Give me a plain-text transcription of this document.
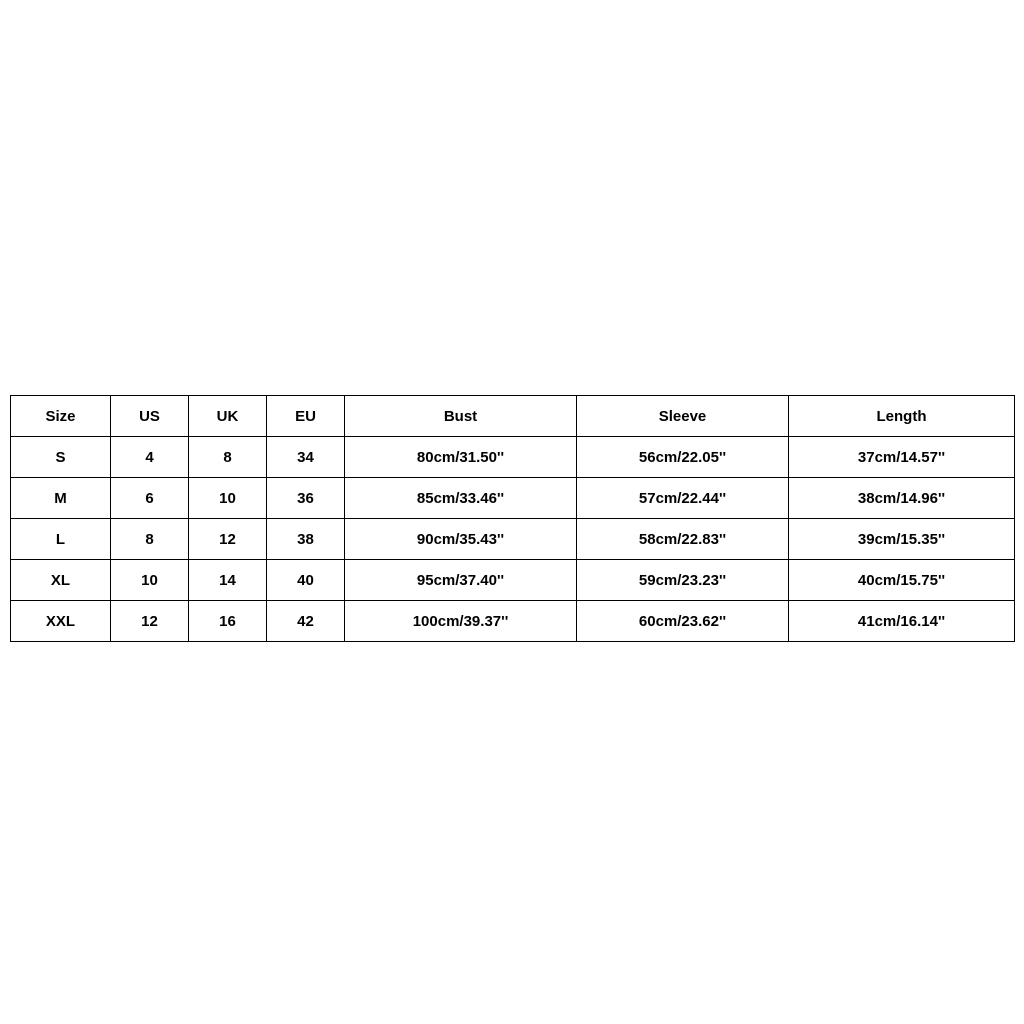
Size	US	UK	EU	Bust	Sleeve	Length
S	4	8	34	80cm/31.50''	56cm/22.05''	37cm/14.57''
M	6	10	36	85cm/33.46''	57cm/22.44''	38cm/14.96''
L	8	12	38	90cm/35.43''	58cm/22.83''	39cm/15.35''
XL	10	14	40	95cm/37.40''	59cm/23.23''	40cm/15.75''
XXL	12	16	42	100cm/39.37''	60cm/23.62''	41cm/16.14''
